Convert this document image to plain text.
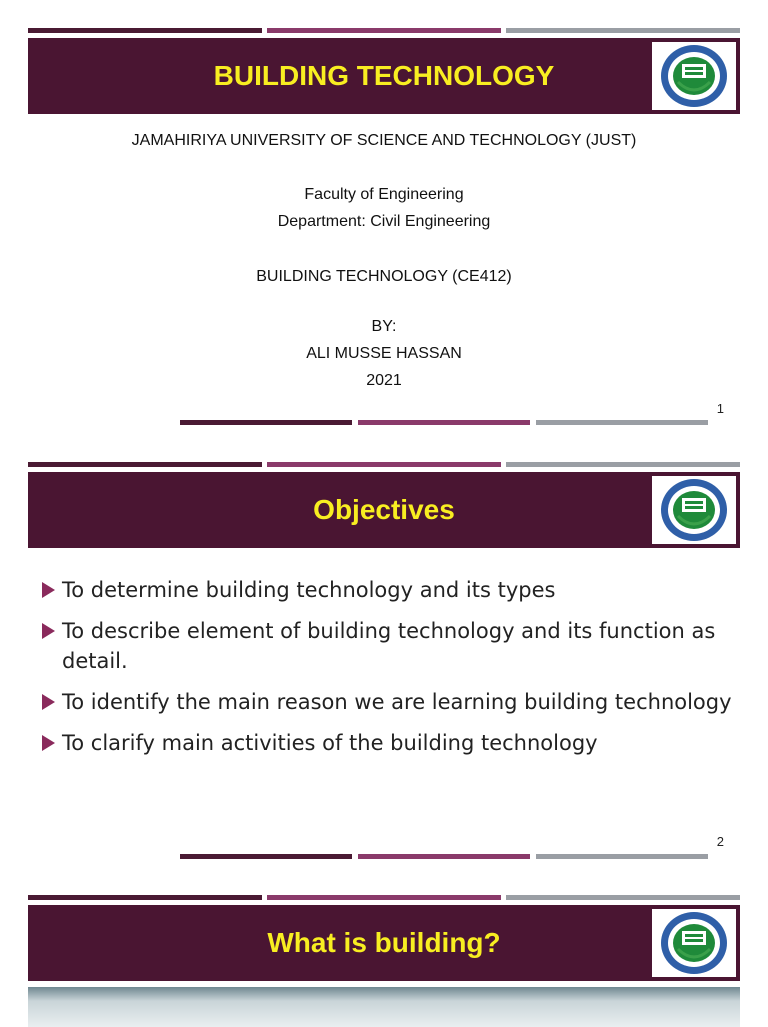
BUILDING TECHNOLOGY
JAMAHIRIYA UNIVERSITY OF SCIENCE AND TECHNOLOGY (JUST)
Faculty of Engineering
Department: Civil Engineering
BUILDING TECHNOLOGY (CE412)
BY:
ALI MUSSE HASSAN
2021
1
Objectives
To determine building technology and its types
To describe element of building technology and its function as detail.
To identify the main reason we are learning building technology
To clarify main activities of the building technology
2
What is building?
